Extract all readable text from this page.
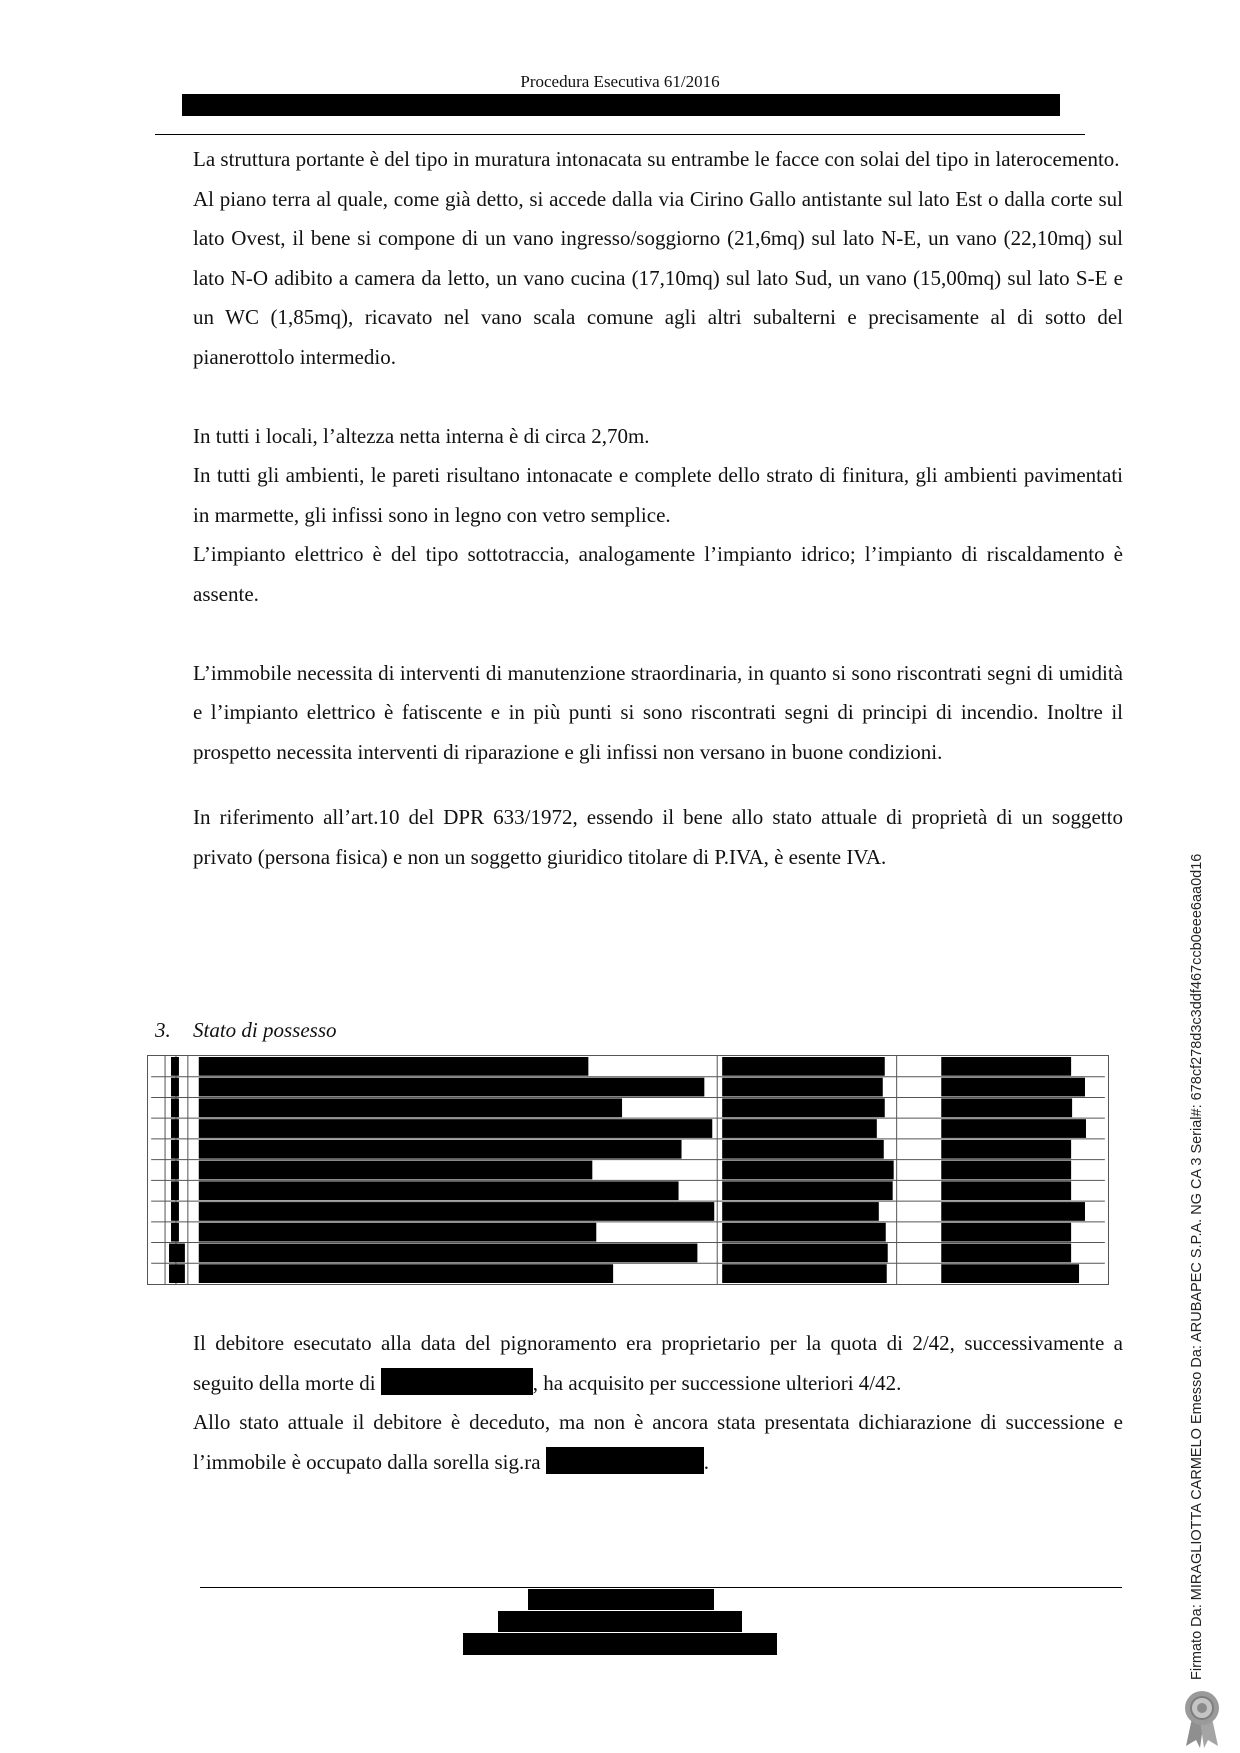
Procedura Esecutiva 61/2016

La struttura portante è del tipo in muratura intonacata su entrambe le facce con solai del tipo in laterocemento.

Al piano terra al quale, come già detto, si accede dalla via Cirino Gallo antistante sul lato Est o dalla corte sul lato Ovest, il bene si compone di un vano ingresso/soggiorno (21,6mq) sul lato N-E, un vano (22,10mq) sul lato N-O adibito a camera da letto, un vano cucina (17,10mq) sul lato Sud, un vano (15,00mq) sul lato S-E e un WC (1,85mq), ricavato nel vano scala comune agli altri subalterni e precisamente al di sotto del pianerottolo intermedio.

In tutti i locali, l’altezza netta interna è di circa 2,70m.

In tutti gli ambienti, le pareti risultano intonacate e complete dello strato di finitura, gli ambienti pavimentati in marmette, gli infissi sono in legno con vetro semplice.

L’impianto elettrico è del tipo sottotraccia, analogamente l’impianto idrico; l’impianto di riscaldamento è assente.

L’immobile necessita di interventi di manutenzione straordinaria, in quanto si sono riscontrati segni di umidità e l’impianto elettrico è fatiscente e in più punti si sono riscontrati segni di principi di incendio. Inoltre il prospetto necessita interventi di riparazione e gli infissi non versano in buone condizioni.

In riferimento all’art.10 del DPR 633/1972, essendo il bene allo stato attuale di proprietà di un soggetto privato (persona fisica) e non un soggetto giuridico titolare di P.IVA, è esente IVA.

3. Stato di possesso

Il debitore esecutato alla data del pignoramento era proprietario per la quota di 2/42, successivamente a seguito della morte di	, ha acquisito per successione ulteriori 4/42.

Allo stato attuale il debitore è deceduto, ma non è ancora stata presentata dichiarazione di successione e l’immobile è occupato dalla sorella sig.ra	.	Firmato Da: MIRAGLIOTTA CARMELO Emesso Da: ARUBAPEC S.P.A. NG CA 3 Serial#: 678cf278d3c3ddf467ccb0eee6aa0d16
